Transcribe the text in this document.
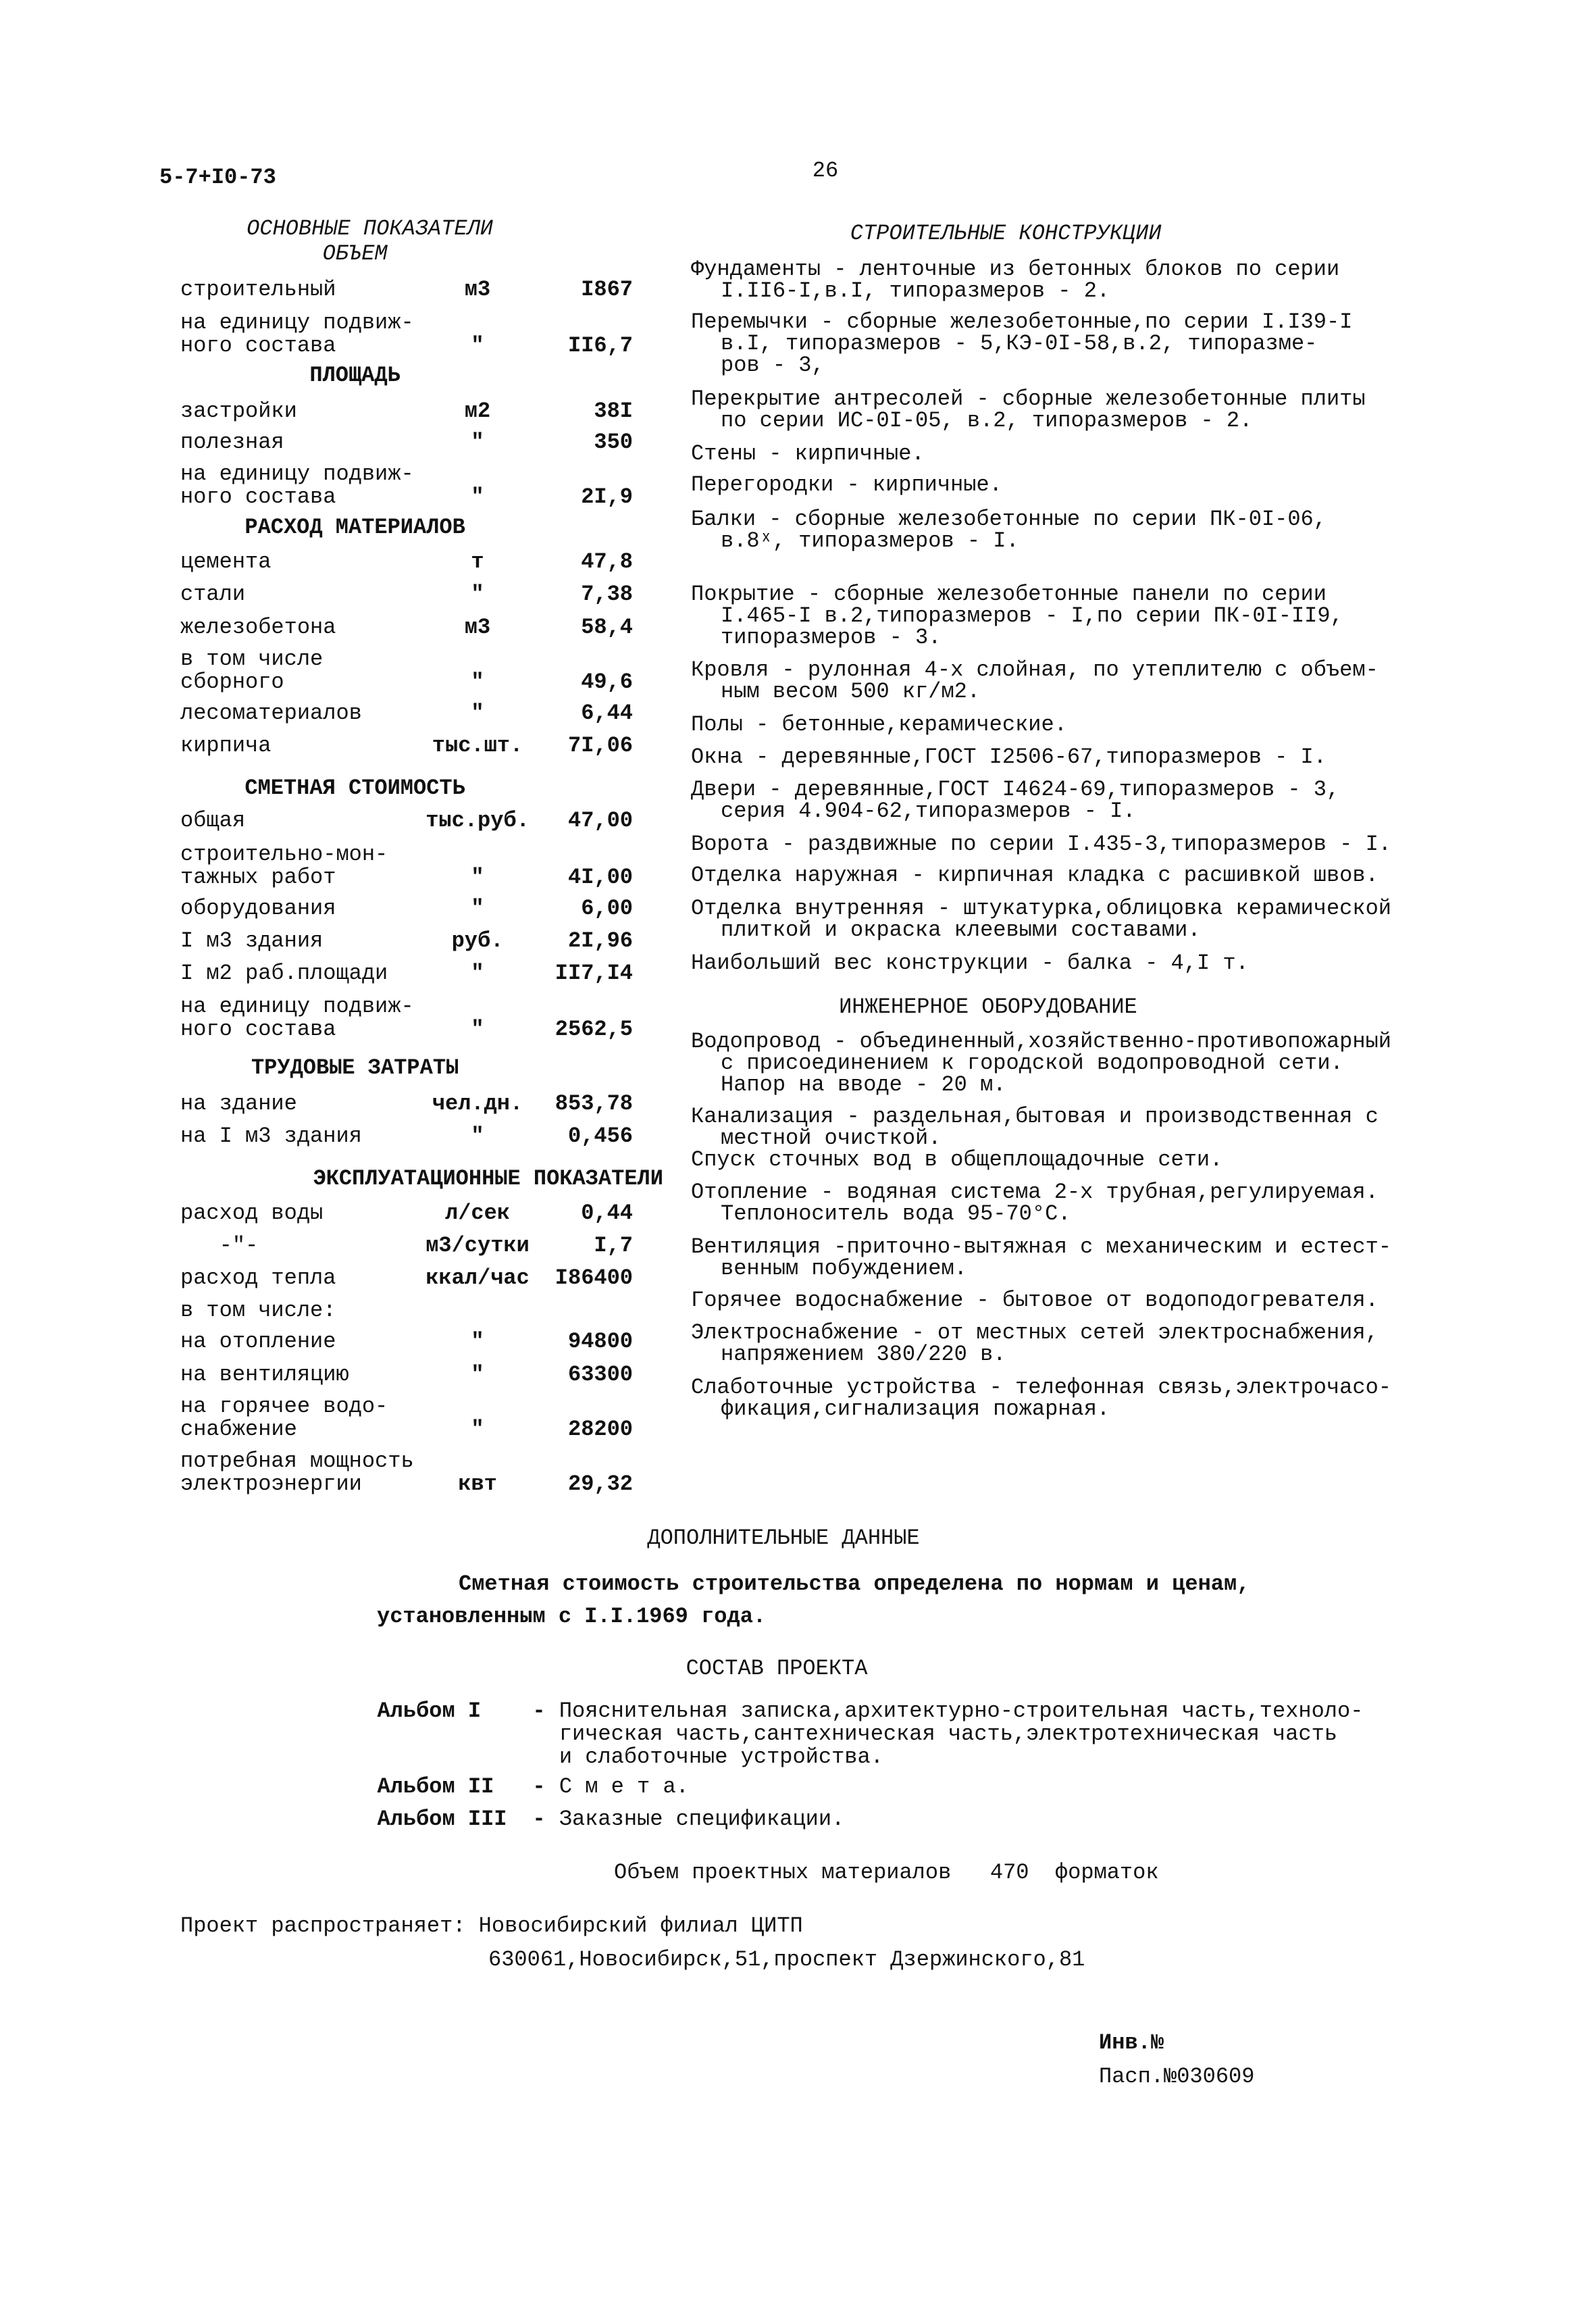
5-7+I0-73	26
ОСНОВНЫЕ ПОКАЗАТЕЛИ
ОБЪЕМ
строительный	м3	I867
на единицу подвиж-
ного состава	"	II6,7
ПЛОЩАДЬ
застройки	м2	38I
полезная	"	350
на единицу подвиж-
ного состава	"	2I,9
РАСХОД МАТЕРИАЛОВ
цемента	т	47,8
стали	"	7,38
железобетона	м3	58,4
в том числе
сборного	"	49,6
лесоматериалов	"	6,44
кирпича	тыс.шт.	7I,06
СМЕТНАЯ СТОИМОСТЬ
общая	тыс.руб.	47,00
строительно-мон-
тажных работ	"	4I,00
оборудования	"	6,00
I м3 здания	руб.	2I,96
I м2 раб.площади	"	II7,I4
на единицу подвиж-
ного состава	"	2562,5
ТРУДОВЫЕ ЗАТРАТЫ
на здание	чел.дн.	853,78
на I м3 здания	"	0,456
ЭКСПЛУАТАЦИОННЫЕ ПОКАЗАТЕЛИ
расход воды	л/сек	0,44
-"-	м3/сутки	I,7
расход тепла	ккал/час	I86400
в том числе:
на отопление	"	94800
на вентиляцию	"	63300
на горячее водо-
снабжение	"	28200
потребная мощность
электроэнергии	квт	29,32
СТРОИТЕЛЬНЫЕ КОНСТРУКЦИИ
Фундаменты - ленточные из бетонных блоков по серии
I.II6-I,в.I, типоразмеров - 2.
Перемычки - сборные железобетонные,по серии I.I39-I
в.I, типоразмеров - 5,КЭ-0I-58,в.2, типоразме-
ров - 3,
Перекрытие антресолей - сборные железобетонные плиты
по серии ИС-0I-05, в.2, типоразмеров - 2.
Стены - кирпичные.
Перегородки - кирпичные.
Балки - сборные железобетонные по серии ПК-0I-06,
в.8ˣ, типоразмеров - I.
Покрытие - сборные железобетонные панели по серии
I.465-I в.2,типоразмеров - I,по серии ПК-0I-II9,
типоразмеров - 3.
Кровля - рулонная 4-х слойная, по утеплителю с объем-
ным весом 500 кг/м2.
Полы - бетонные,керамические.
Окна - деревянные,ГОСТ I2506-67,типоразмеров - I.
Двери - деревянные,ГОСТ I4624-69,типоразмеров - 3,
серия 4.904-62,типоразмеров - I.
Ворота - раздвижные по серии I.435-3,типоразмеров - I.
Отделка наружная - кирпичная кладка с расшивкой швов.
Отделка внутренняя - штукатурка,облицовка керамической
плиткой и окраска клеевыми составами.
Наибольший вес конструкции - балка - 4,I т.
ИНЖЕНЕРНОЕ ОБОРУДОВАНИЕ
Водопровод - объединенный,хозяйственно-противопожарный
с присоединением к городской водопроводной сети.
Напор на вводе - 20 м.
Канализация - раздельная,бытовая и производственная с
местной очисткой.
Спуск сточных вод в общеплощадочные сети.
Отопление - водяная система 2-х трубная,регулируемая.
Теплоноситель вода 95-70°С.
Вентиляция -приточно-вытяжная с механическим и естест-
венным побуждением.
Горячее водоснабжение - бытовое от водоподогревателя.
Электроснабжение - от местных сетей электроснабжения,
напряжением 380/220 в.
Слаботочные устройства - телефонная связь,электрочасо-
фикация,сигнализация пожарная.
ДОПОЛНИТЕЛЬНЫЕ ДАННЫЕ
Сметная стоимость строительства определена по нормам и ценам,
установленным с I.I.1969 года.
СОСТАВ ПРОЕКТА
Альбом I - Пояснительная записка,архитектурно-строительная часть,техноло-
гическая часть,сантехническая часть,электротехническая часть
и слаботочные устройства.
Альбом II - С м е т а.
Альбом III - Заказные спецификации.
Объем проектных материалов   470  форматок
Проект распространяет: Новосибирский филиал ЦИТП
630061,Новосибирск,51,проспект Дзержинского,81
Инв.№
Пасп.№030609
